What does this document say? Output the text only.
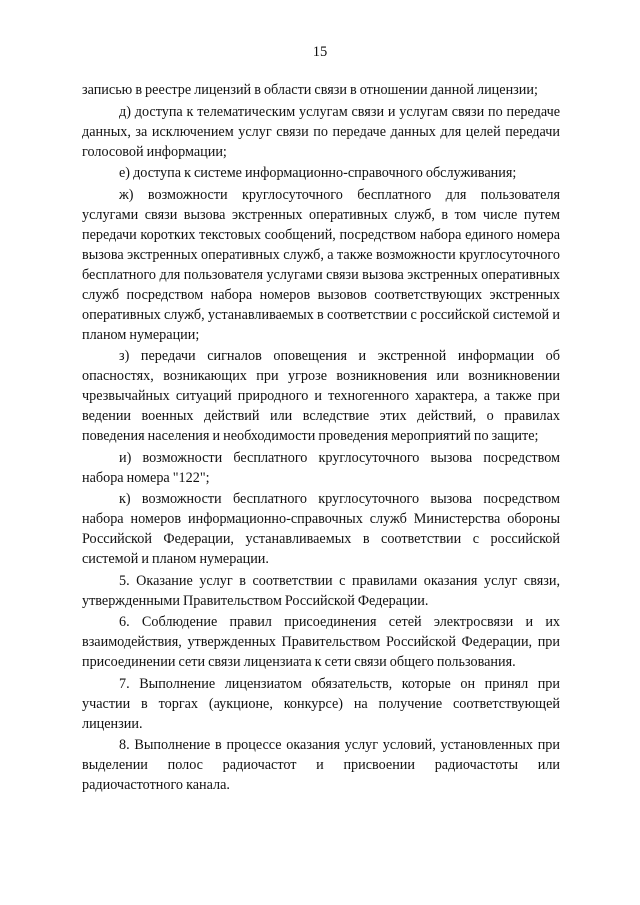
15

записью в реестре лицензий в области связи в отношении данной лицензии;

д) доступа к телематическим услугам связи и услугам связи по передаче данных, за исключением услуг связи по передаче данных для целей передачи голосовой информации;

е) доступа к системе информационно-справочного обслуживания;

ж) возможности круглосуточного бесплатного для пользователя услугами связи вызова экстренных оперативных служб, в том числе путем передачи коротких текстовых сообщений, посредством набора единого номера вызова экстренных оперативных служб, а также возможности круглосуточного бесплатного для пользователя услугами связи вызова экстренных оперативных служб посредством набора номеров вызовов соответствующих экстренных оперативных служб, устанавливаемых в соответствии с российской системой и планом нумерации;

з) передачи сигналов оповещения и экстренной информации об опасностях, возникающих при угрозе возникновения или возникновении чрезвычайных ситуаций природного и техногенного характера, а также при ведении военных действий или вследствие этих действий, о правилах поведения населения и необходимости проведения мероприятий по защите;

и) возможности бесплатного круглосуточного вызова посредством набора номера "122";

к) возможности бесплатного круглосуточного вызова посредством набора номеров информационно-справочных служб Министерства обороны Российской Федерации, устанавливаемых в соответствии с российской системой и планом нумерации.

5. Оказание услуг в соответствии с правилами оказания услуг связи, утвержденными Правительством Российской Федерации.

6. Соблюдение правил присоединения сетей электросвязи и их взаимодействия, утвержденных Правительством Российской Федерации, при присоединении сети связи лицензиата к сети связи общего пользования.

7. Выполнение лицензиатом обязательств, которые он принял при участии в торгах (аукционе, конкурсе) на получение соответствующей лицензии.

8. Выполнение в процессе оказания услуг условий, установленных при выделении полос радиочастот и присвоении радиочастоты или радиочастотного канала.
